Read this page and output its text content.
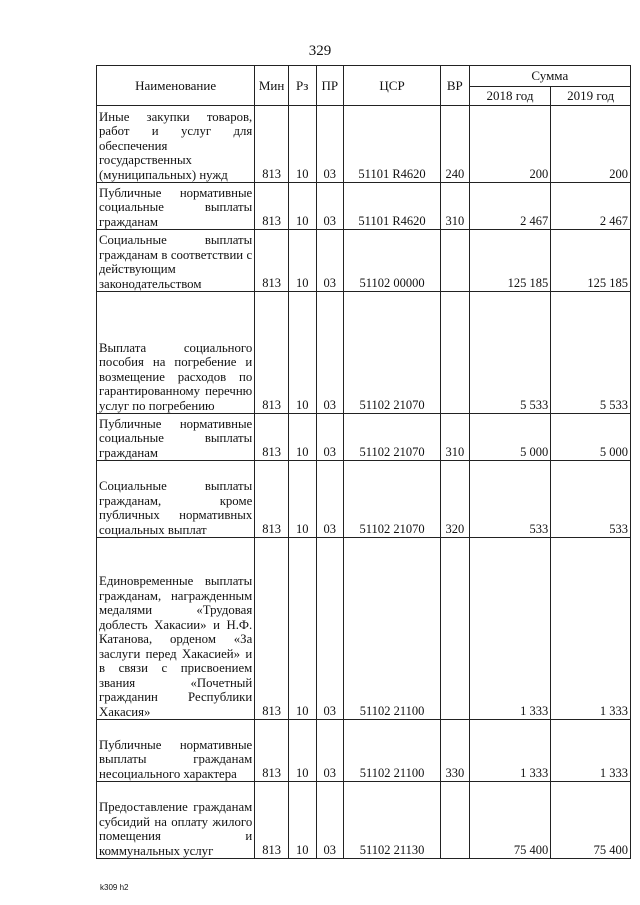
329
Наименование	Мин	Рз	ПР	ЦСР	ВР	Сумма	
						2018 год	2019 год
Иные закупки товаров, работ и услуг для обеспечения государственных (муниципальных) нужд	813	10	03	51101 R4620	240	200	200
Публичные нормативные социальные выплаты гражданам	813	10	03	51101 R4620	310	2 467	2 467
Социальные выплаты гражданам в соответствии с действующим законодательством	813	10	03	51102 00000		125 185	125 185
Выплата социального пособия на погребение и возмещение расходов по гарантированному перечню услуг по погребению	813	10	03	51102 21070		5 533	5 533
Публичные нормативные социальные выплаты гражданам	813	10	03	51102 21070	310	5 000	5 000
Социальные выплаты гражданам, кроме публичных нормативных социальных выплат	813	10	03	51102 21070	320	533	533
Единовременные выплаты гражданам, награжденным медалями «Трудовая доблесть Хакасии» и Н.Ф. Катанова, орденом «За заслуги перед Хакасией» и в связи с присвоением звания «Почетный гражданин Республики Хакасия»	813	10	03	51102 21100		1 333	1 333
Публичные нормативные выплаты гражданам несоциального характера	813	10	03	51102 21100	330	1 333	1 333
Предоставление гражданам субсидий на оплату жилого помещения и коммунальных услуг	813	10	03	51102 21130		75 400	75 400
k309 h2
